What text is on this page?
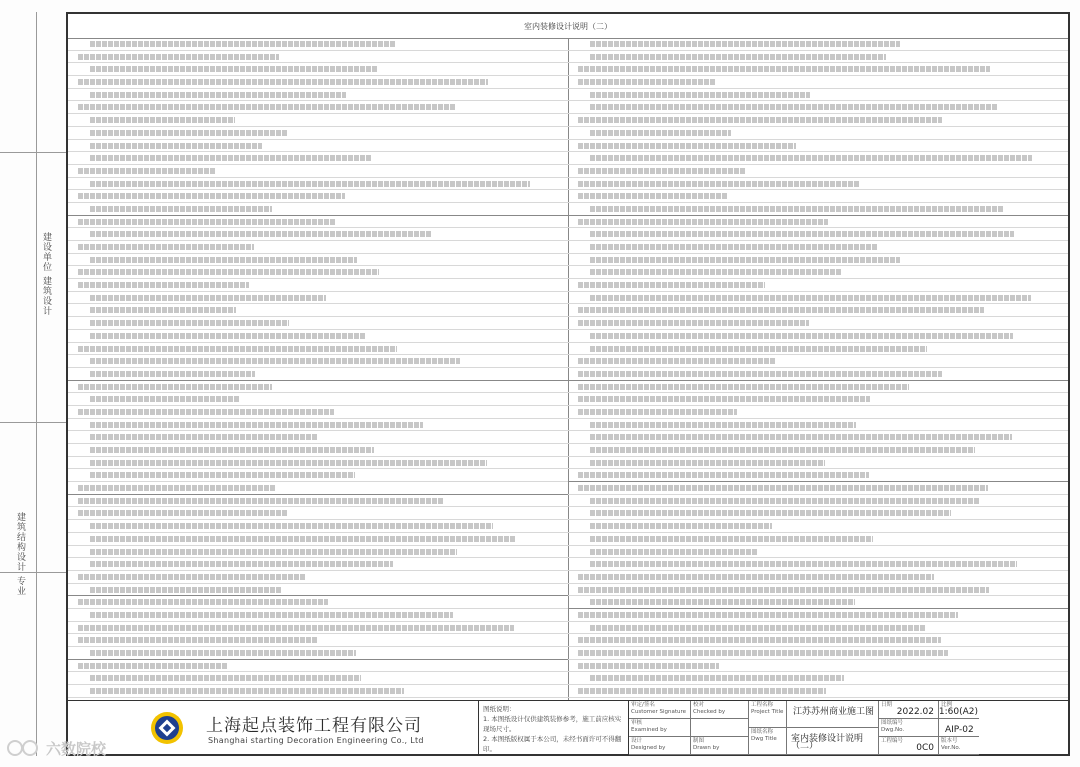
建设单位 建筑设计
建筑结构设计 专业
室内装修设计说明（二）
上海起点装饰工程有限公司
Shanghai starting Decoration Engineering Co., Ltd
图纸说明：
1. 本图纸设计仅供建筑装修参考，施工前应核实现场尺寸。
2. 本图纸版权属于本公司，未经书面许可不得翻印。
审定/签名
Customer Signature
审核
Examined by
设计
Designed by
校对
Checked by
制图
Drawn by
工程名称
Project Title 江苏苏州商业施工图
图纸名称
Dwg Title	室内装修设计说明（二）
日期
2022.02
比例
1:60(A2)
图纸编号
Dwg.No.	AIP-02
工程编号
0C0
版本号
Ver.No.
六数院校
